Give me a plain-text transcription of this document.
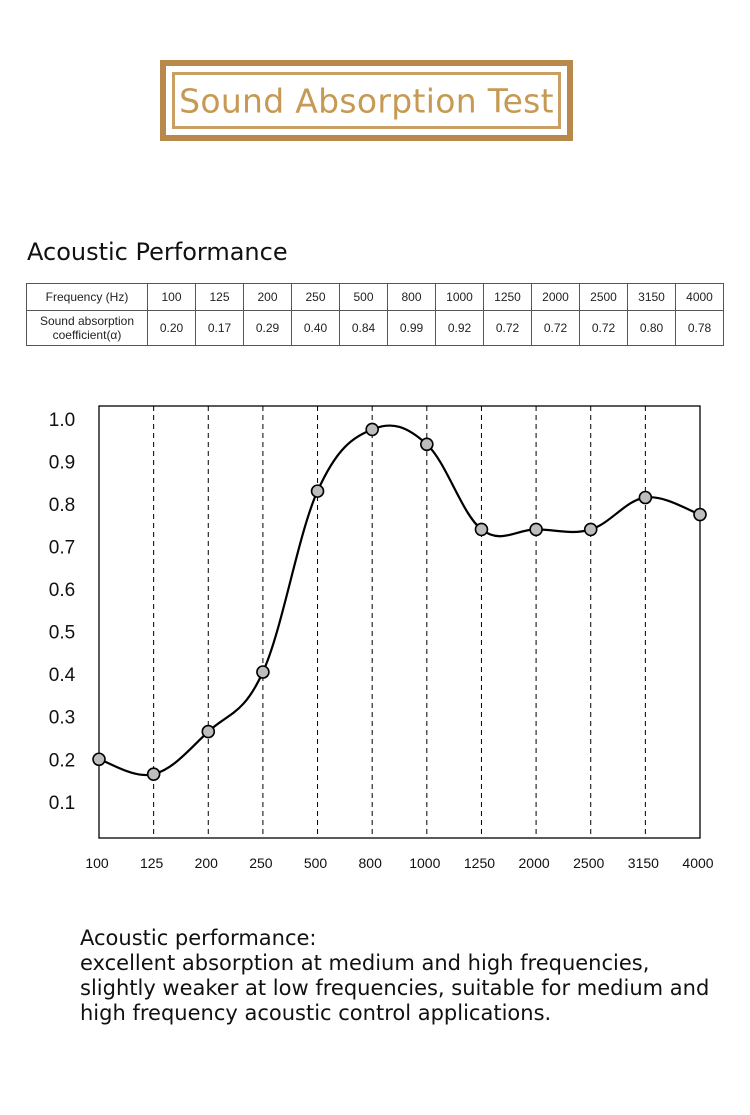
Sound Absorption Test
Acoustic Performance
Frequency (Hz)	100	125	200	250	500	800	1000	1250	2000	2500	3150	4000
Sound absorption
coefficient(α)	0.20	0.17	0.29	0.40	0.84	0.99	0.92	0.72	0.72	0.72	0.80	0.78
0.1
0.2
0.3
0.4
0.5
0.6
0.7
0.8
0.9
1.0
100 125 200 250 500 800 1000 1250 2000 2500 3150 4000

Acoustic performance:

excellent absorption at medium and high frequencies, slightly weaker at low frequencies, suitable for medium and high frequency acoustic control applications.
